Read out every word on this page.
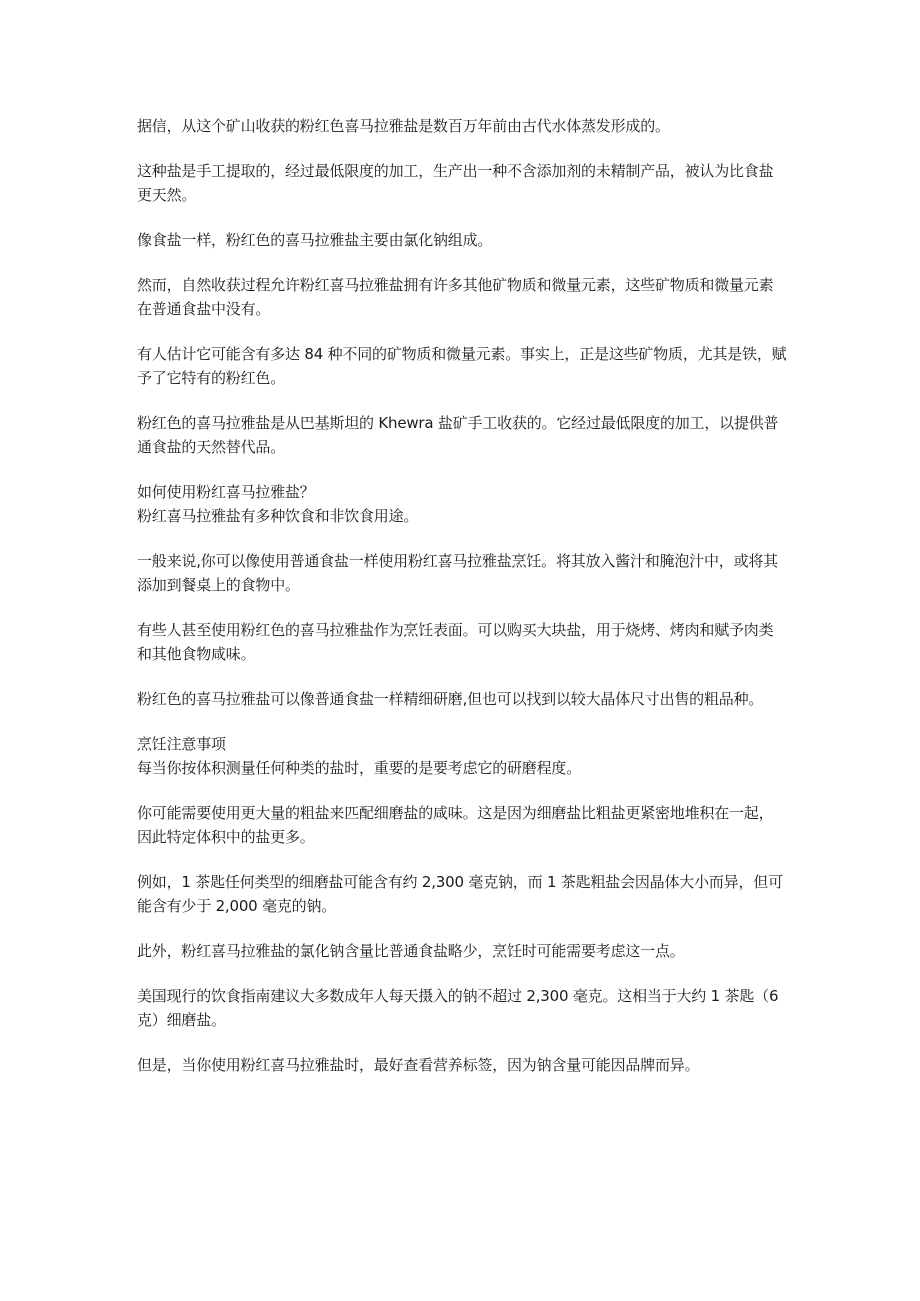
据信，从这个矿山收获的粉红色喜马拉雅盐是数百万年前由古代水体蒸发形成的。

这种盐是手工提取的，经过最低限度的加工，生产出一种不含添加剂的未精制产品，被认为比食盐更天然。

像食盐一样，粉红色的喜马拉雅盐主要由氯化钠组成。

然而，自然收获过程允许粉红喜马拉雅盐拥有许多其他矿物质和微量元素，这些矿物质和微量元素在普通食盐中没有。

有人估计它可能含有多达 84 种不同的矿物质和微量元素。事实上，正是这些矿物质，尤其是铁，赋予了它特有的粉红色。

粉红色的喜马拉雅盐是从巴基斯坦的 Khewra 盐矿手工收获的。它经过最低限度的加工，以提供普通食盐的天然替代品。

如何使用粉红喜马拉雅盐？

粉红喜马拉雅盐有多种饮食和非饮食用途。

一般来说,你可以像使用普通食盐一样使用粉红喜马拉雅盐烹饪。将其放入酱汁和腌泡汁中，或将其添加到餐桌上的食物中。

有些人甚至使用粉红色的喜马拉雅盐作为烹饪表面。可以购买大块盐，用于烧烤、烤肉和赋予肉类和其他食物咸味。

粉红色的喜马拉雅盐可以像普通食盐一样精细研磨,但也可以找到以较大晶体尺寸出售的粗品种。

烹饪注意事项

每当你按体积测量任何种类的盐时，重要的是要考虑它的研磨程度。

你可能需要使用更大量的粗盐来匹配细磨盐的咸味。这是因为细磨盐比粗盐更紧密地堆积在一起，因此特定体积中的盐更多。

例如，1 茶匙任何类型的细磨盐可能含有约 2,300 毫克钠，而 1 茶匙粗盐会因晶体大小而异，但可能含有少于 2,000 毫克的钠。

此外，粉红喜马拉雅盐的氯化钠含量比普通食盐略少，烹饪时可能需要考虑这一点。

美国现行的饮食指南建议大多数成年人每天摄入的钠不超过 2,300 毫克。这相当于大约 1 茶匙（6 克）细磨盐。

但是，当你使用粉红喜马拉雅盐时，最好查看营养标签，因为钠含量可能因品牌而异。
